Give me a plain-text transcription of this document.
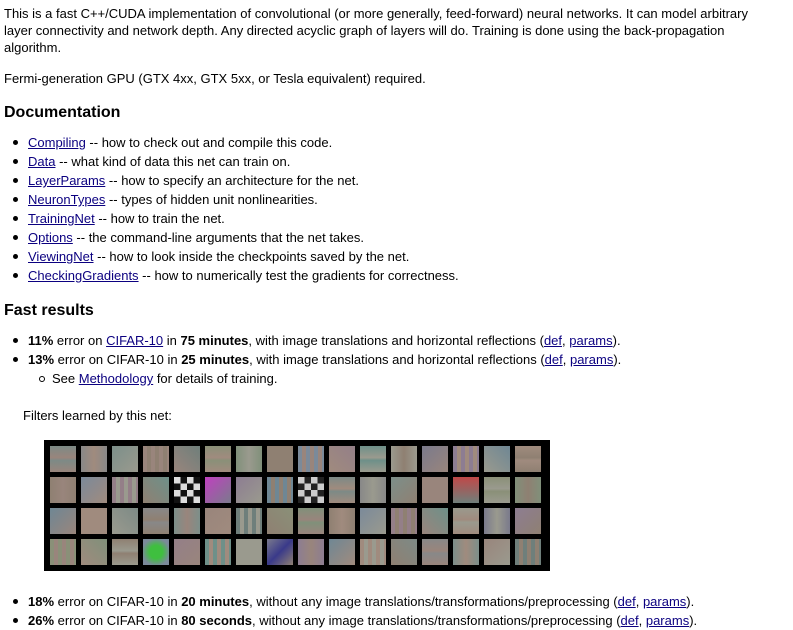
This is a fast C++/CUDA implementation of convolutional (or more generally, feed-forward) neural networks. It can model arbitrary layer connectivity and network depth. Any directed acyclic graph of layers will do. Training is done using the back-propagation algorithm.

Fermi-generation GPU (GTX 4xx, GTX 5xx, or Tesla equivalent) required.

Documentation
Compiling -- how to check out and compile this code.
Data -- what kind of data this net can train on.
LayerParams -- how to specify an architecture for the net.
NeuronTypes -- types of hidden unit nonlinearities.
TrainingNet -- how to train the net.
Options -- the command-line arguments that the net takes.
ViewingNet -- how to look inside the checkpoints saved by the net.
CheckingGradients -- how to numerically test the gradients for correctness.
Fast results
11% error on CIFAR-10 in 75 minutes, with image translations and horizontal reflections (def, params).
13% error on CIFAR-10 in 25 minutes, with image translations and horizontal reflections (def, params).
See Methodology for details of training.

Filters learned by this net:

18% error on CIFAR-10 in 20 minutes, without any image translations/transformations/preprocessing (def, params).
26% error on CIFAR-10 in 80 seconds, without any image translations/transformations/preprocessing (def, params).
